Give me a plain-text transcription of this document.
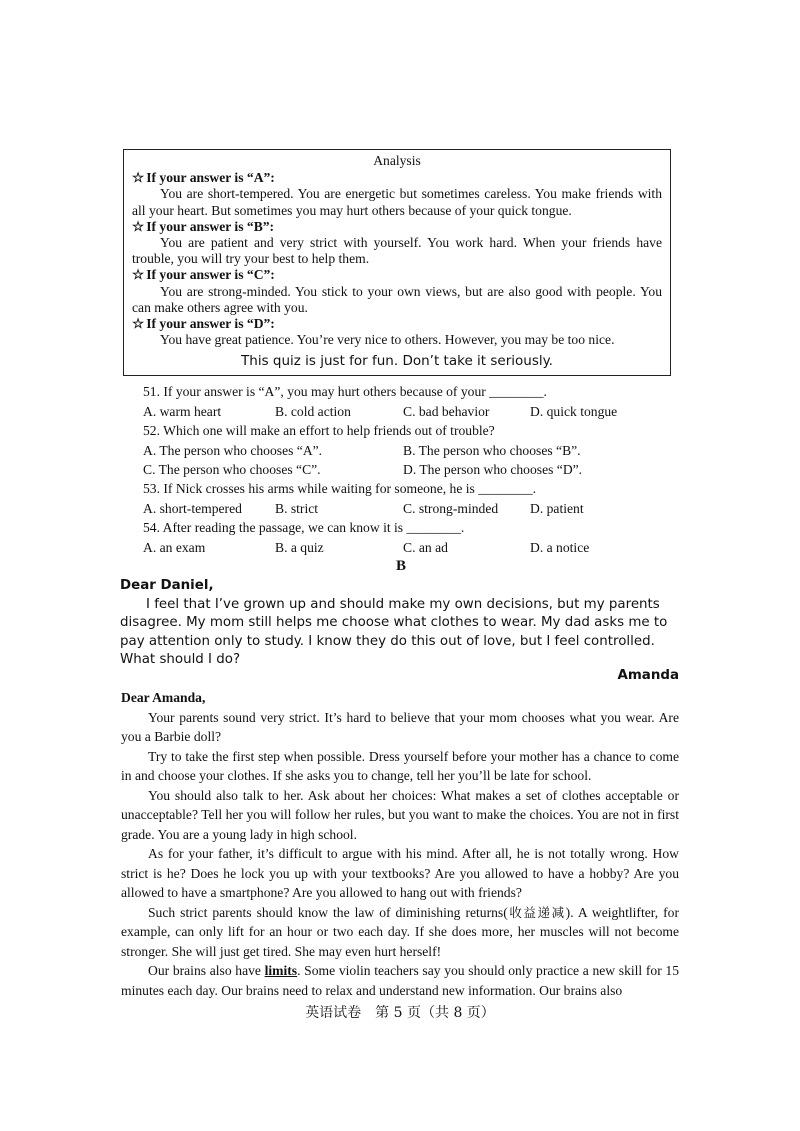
Analysis
☆ If your answer is “A”:

You are short-tempered. You are energetic but sometimes careless. You make friends with all your heart. But sometimes you may hurt others because of your quick tongue.

☆ If your answer is “B”:

You are patient and very strict with yourself. You work hard. When your friends have trouble, you will try your best to help them.

☆ If your answer is “C”:

You are strong-minded. You stick to your own views, but are also good with people. You can make others agree with you.

☆ If your answer is “D”:

You have great patience. You’re very nice to others. However, you may be too nice.

This quiz is just for fun. Don’t take it seriously.
51. If your answer is “A”, you may hurt others because of your ________.
A. warm heart	B. cold action	C. bad behavior	D. quick tongue
52. Which one will make an effort to help friends out of trouble?
A. The person who chooses “A”.	B. The person who chooses “B”.
C. The person who chooses “C”.	D. The person who chooses “D”.
53. If Nick crosses his arms while waiting for someone, he is ________.
A. short-tempered B. strict	C. strong-minded D. patient
54. After reading the passage, we can know it is ________.
A. an exam	B. a quiz	C. an ad	D. a notice
B
Dear Daniel,

I feel that I’ve grown up and should make my own decisions, but my parents disagree. My mom still helps me choose what clothes to wear. My dad asks me to pay attention only to study. I know they do this out of love, but I feel controlled. What should I do?

Amanda
Dear Amanda,

Your parents sound very strict. It’s hard to believe that your mom chooses what you wear. Are you a Barbie doll?

Try to take the first step when possible. Dress yourself before your mother has a chance to come in and choose your clothes. If she asks you to change, tell her you’ll be late for school.

You should also talk to her. Ask about her choices: What makes a set of clothes acceptable or unacceptable? Tell her you will follow her rules, but you want to make the choices. You are not in first grade. You are a young lady in high school.

As for your father, it’s difficult to argue with his mind. After all, he is not totally wrong. How strict is he? Does he lock you up with your textbooks? Are you allowed to have a hobby? Are you allowed to have a smartphone? Are you allowed to hang out with friends?

Such strict parents should know the law of diminishing returns(收益递减). A weightlifter, for example, can only lift for an hour or two each day. If she does more, her muscles will not become stronger. She will just get tired. She may even hurt herself!

Our brains also have limits. Some violin teachers say you should only practice a new skill for 15 minutes each day. Our brains need to relax and understand new information. Our brains also

英语试卷　第 5 页（共 8 页）
